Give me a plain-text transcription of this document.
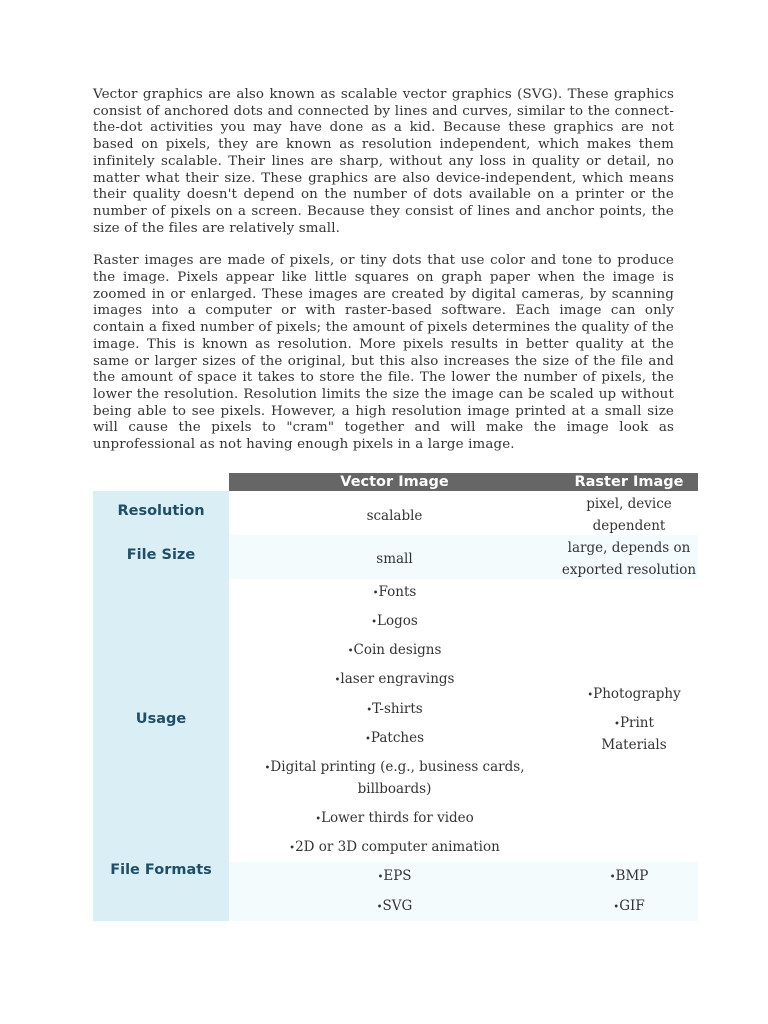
Vector graphics are also known as scalable vector graphics (SVG). These graphics consist of anchored dots and connected by lines and curves, similar to the connect-the-dot activities you may have done as a kid. Because these graphics are not based on pixels, they are known as resolution independent, which makes them infinitely scalable. Their lines are sharp, without any loss in quality or detail, no matter what their size. These graphics are also device-independent, which means their quality doesn't depend on the number of dots available on a printer or the number of pixels on a screen. Because they consist of lines and anchor points, the size of the files are relatively small.

Raster images are made of pixels, or tiny dots that use color and tone to produce the image. Pixels appear like little squares on graph paper when the image is zoomed in or enlarged. These images are created by digital cameras, by scanning images into a computer or with raster-based software. Each image can only contain a fixed number of pixels; the amount of pixels determines the quality of the image. This is known as resolution. More pixels results in better quality at the same or larger sizes of the original, but this also increases the size of the file and the amount of space it takes to store the file. The lower the number of pixels, the lower the resolution. Resolution limits the size the image can be scaled up without being able to see pixels. However, a high resolution image printed at a small size will cause the pixels to "cram" together and will make the image look as unprofessional as not having enough pixels in a large image.

Vector Image	Raster Image
Resolution	scalable
pixel, device
dependent
File Size	small
large, depends on
exported resolution
Usage
• Fonts
• Logos
• Coin designs
• laser engravings
• T-shirts
• Patches
• Digital printing (e.g., business cards,
billboards)
• Lower thirds for video
• 2D or 3D computer animation
• Photography
• Print
Materials
File Formats
•	EPS
• SVG
• BMP
• GIF
